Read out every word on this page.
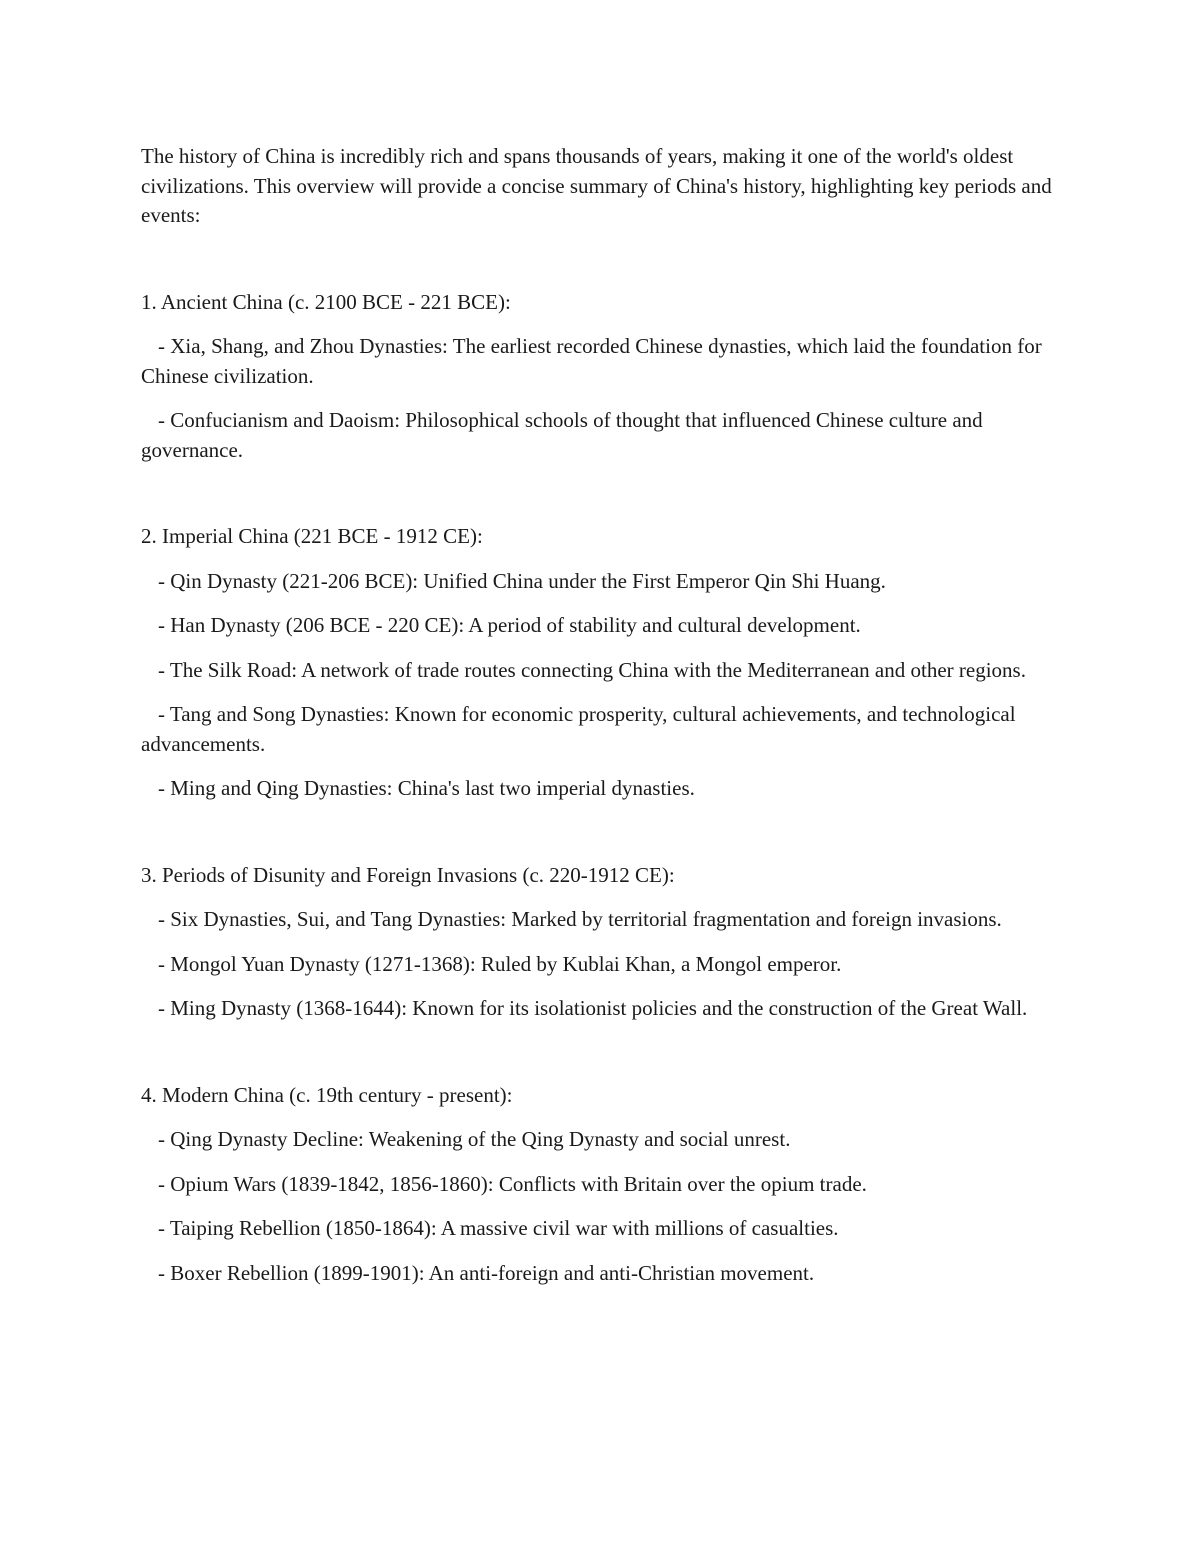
The history of China is incredibly rich and spans thousands of years, making it one of the world's oldest civilizations. This overview will provide a concise summary of China's history, highlighting key periods and events:

1. Ancient China (c. 2100 BCE - 221 BCE):

- Xia, Shang, and Zhou Dynasties: The earliest recorded Chinese dynasties, which laid the foundation for Chinese civilization.

- Confucianism and Daoism: Philosophical schools of thought that influenced Chinese culture and governance.

2. Imperial China (221 BCE - 1912 CE):

- Qin Dynasty (221-206 BCE): Unified China under the First Emperor Qin Shi Huang.

- Han Dynasty (206 BCE - 220 CE): A period of stability and cultural development.

- The Silk Road: A network of trade routes connecting China with the Mediterranean and other regions.

- Tang and Song Dynasties: Known for economic prosperity, cultural achievements, and technological advancements.

- Ming and Qing Dynasties: China's last two imperial dynasties.

3. Periods of Disunity and Foreign Invasions (c. 220-1912 CE):

- Six Dynasties, Sui, and Tang Dynasties: Marked by territorial fragmentation and foreign invasions.

- Mongol Yuan Dynasty (1271-1368): Ruled by Kublai Khan, a Mongol emperor.

- Ming Dynasty (1368-1644): Known for its isolationist policies and the construction of the Great Wall.

4. Modern China (c. 19th century - present):

- Qing Dynasty Decline: Weakening of the Qing Dynasty and social unrest.

- Opium Wars (1839-1842, 1856-1860): Conflicts with Britain over the opium trade.

- Taiping Rebellion (1850-1864): A massive civil war with millions of casualties.

- Boxer Rebellion (1899-1901): An anti-foreign and anti-Christian movement.
